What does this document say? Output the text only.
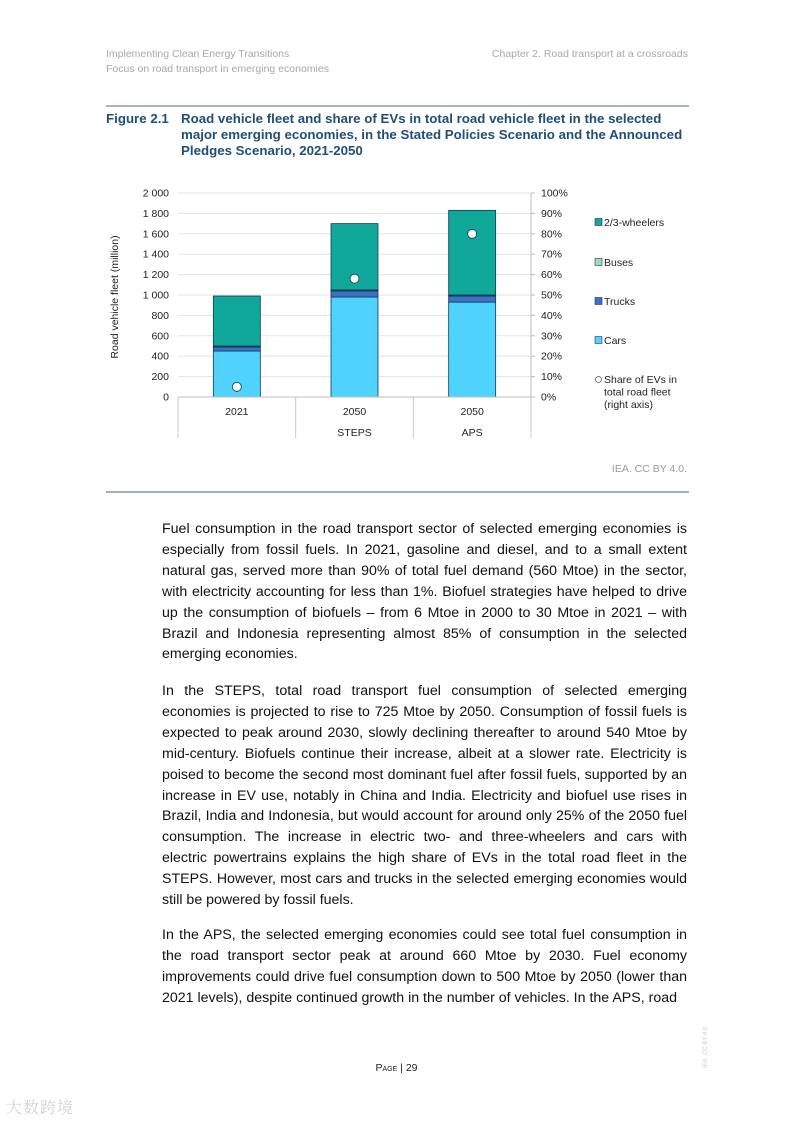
Implementing Clean Energy Transitions
Focus on road transport in emerging economies
Chapter 2. Road transport at a crossroads
Figure 2.1 Road vehicle fleet and share of EVs in total road vehicle fleet in the selected major emerging economies, in the Stated Policies Scenario and the Announced Pledges Scenario, 2021-2050
0
200
400
600
800
1 000
1 200
1 400
1 600
1 800
2 000
0%
10%
20%
30%
40%
50%
60%
70%
80%
90%
100%
2021	2050
STEPS
2050
APS
2/3-wheelers
Buses
Trucks
Cars
Share of EVs in
total road fleet
(right axis)
Road vehicle fleet (million)
IEA. CC BY 4.0.
Fuel consumption in the road transport sector of selected emerging economies is especially from fossil fuels. In 2021, gasoline and diesel, and to a small extent natural gas, served more than 90% of total fuel demand (560 Mtoe) in the sector, with electricity accounting for less than 1%. Biofuel strategies have helped to drive up the consumption of biofuels – from 6 Mtoe in 2000 to 30 Mtoe in 2021 – with Brazil and Indonesia representing almost 85% of consumption in the selected emerging economies.
In the STEPS, total road transport fuel consumption of selected emerging economies is projected to rise to 725 Mtoe by 2050. Consumption of fossil fuels is expected to peak around 2030, slowly declining thereafter to around 540 Mtoe by mid-century. Biofuels continue their increase, albeit at a slower rate. Electricity is poised to become the second most dominant fuel after fossil fuels, supported by an increase in EV use, notably in China and India. Electricity and biofuel use rises in Brazil, India and Indonesia, but would account for around only 25% of the 2050 fuel consumption. The increase in electric two- and three-wheelers and cars with electric powertrains explains the high share of EVs in the total road fleet in the STEPS. However, most cars and trucks in the selected emerging economies would still be powered by fossil fuels.
In the APS, the selected emerging economies could see total fuel consumption in the road transport sector peak at around 660 Mtoe by 2030. Fuel economy improvements could drive fuel consumption down to 500 Mtoe by 2050 (lower than 2021 levels), despite continued growth in the number of vehicles. In the APS, road
Page | 29	IEA. CC BY 4.0.
大数跨境
